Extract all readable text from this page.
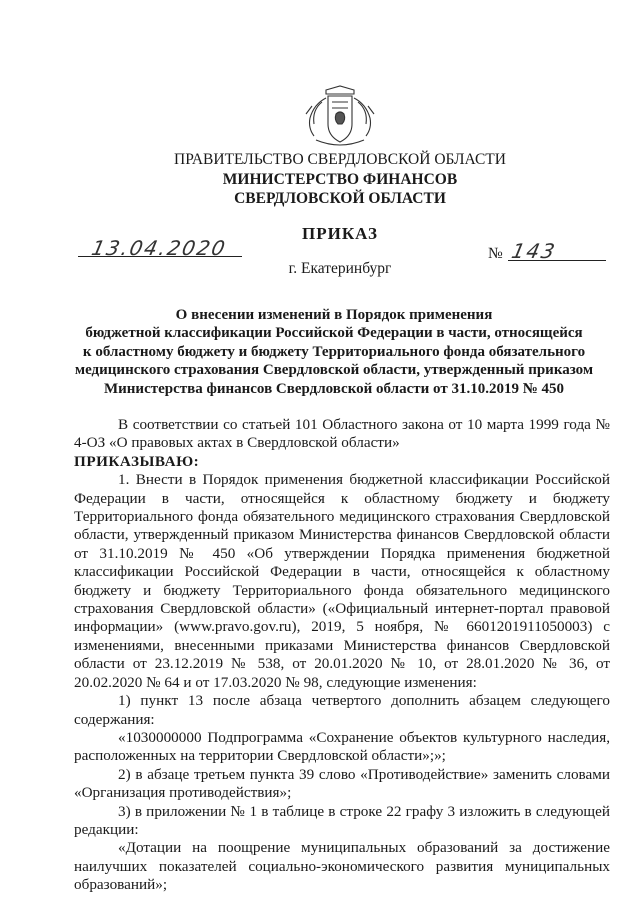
ПРАВИТЕЛЬСТВО СВЕРДЛОВСКОЙ ОБЛАСТИ
МИНИСТЕРСТВО ФИНАНСОВ
СВЕРДЛОВСКОЙ ОБЛАСТИ
ПРИКАЗ
13.04.2020	№ 143
г. Екатеринбург
О внесении изменений в Порядок применения
бюджетной классификации Российской Федерации в части, относящейся
к областному бюджету и бюджету Территориального фонда обязательного
медицинского страхования Свердловской области, утвержденный приказом
Министерства финансов Свердловской области от 31.10.2019 № 450

В соответствии со статьей 101 Областного закона от 10 марта 1999 года № 4-ОЗ «О правовых актах в Свердловской области»

ПРИКАЗЫВАЮ:

1. Внести в Порядок применения бюджетной классификации Российской Федерации в части, относящейся к областному бюджету и бюджету Территориального фонда обязательного медицинского страхования Свердловской области, утвержденный приказом Министерства финансов Свердловской области от 31.10.2019 № 450 «Об утверждении Порядка применения бюджетной классификации Российской Федерации в части, относящейся к областному бюджету и бюджету Территориального фонда обязательного медицинского страхования Свердловской области» («Официальный интернет-портал правовой информации» (www.pravo.gov.ru), 2019, 5 ноября, № 6601201911050003) с изменениями, внесенными приказами Министерства финансов Свердловской области от 23.12.2019 № 538, от 20.01.2020 № 10, от 28.01.2020 № 36, от 20.02.2020 № 64 и от 17.03.2020 № 98, следующие изменения:

1) пункт 13 после абзаца четвертого дополнить абзацем следующего содержания:

«1030000000 Подпрограмма «Сохранение объектов культурного наследия, расположенных на территории Свердловской области»;»;

2) в абзаце третьем пункта 39 слово «Противодействие» заменить словами «Организация противодействия»;

3) в приложении № 1 в таблице в строке 22 графу 3 изложить в следующей редакции:

«Дотации на поощрение муниципальных образований за достижение наилучших показателей социально-экономического развития муниципальных образований»;
